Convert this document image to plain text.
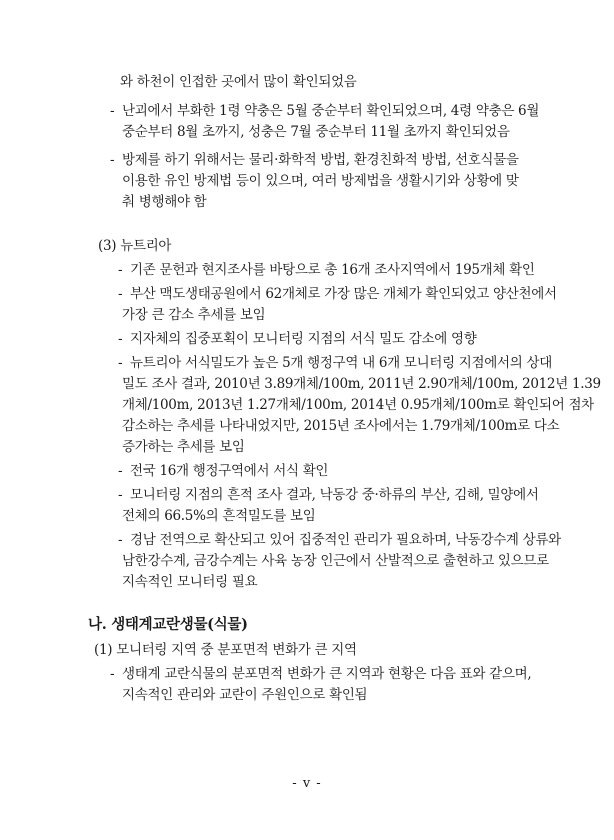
와 하천이 인접한 곳에서 많이 확인되었음
- 난괴에서 부화한 1령 약충은 5월 중순부터 확인되었으며, 4령 약충은 6월
중순부터 8월 초까지, 성충은 7월 중순부터 11월 초까지 확인되었음
- 방제를 하기 위해서는 물리·화학적 방법, 환경친화적 방법, 선호식물을
이용한 유인 방제법 등이 있으며, 여러 방제법을 생활시기와 상황에 맞
춰 병행해야 함
(3) 뉴트리아
- 기존 문헌과 현지조사를 바탕으로 총 16개 조사지역에서 195개체 확인
- 부산 맥도생태공원에서 62개체로 가장 많은 개체가 확인되었고 양산천에서
가장 큰 감소 추세를 보임
- 지자체의 집중포획이 모니터링 지점의 서식 밀도 감소에 영향
- 뉴트리아 서식밀도가 높은 5개 행정구역 내 6개 모니터링 지점에서의 상대
밀도 조사 결과, 2010년 3.89개체/100m, 2011년 2.90개체/100m, 2012년 1.39
개체/100m, 2013년 1.27개체/100m, 2014년 0.95개체/100m로 확인되어 점차
감소하는 추세를 나타내었지만, 2015년 조사에서는 1.79개체/100m로 다소
증가하는 추세를 보임
- 전국 16개 행정구역에서 서식 확인
- 모니터링 지점의 흔적 조사 결과, 낙동강 중·하류의 부산, 김해, 밀양에서
전체의 66.5%의 흔적밀도를 보임
- 경남 전역으로 확산되고 있어 집중적인 관리가 필요하며, 낙동강수계 상류와
남한강수계, 금강수계는 사육 농장 인근에서 산발적으로 출현하고 있으므로
지속적인 모니터링 필요
나. 생태계교란생물(식물)
(1) 모니터링 지역 중 분포면적 변화가 큰 지역
- 생태계 교란식물의 분포면적 변화가 큰 지역과 현황은 다음 표와 같으며,
지속적인 관리와 교란이 주원인으로 확인됨
- v -
